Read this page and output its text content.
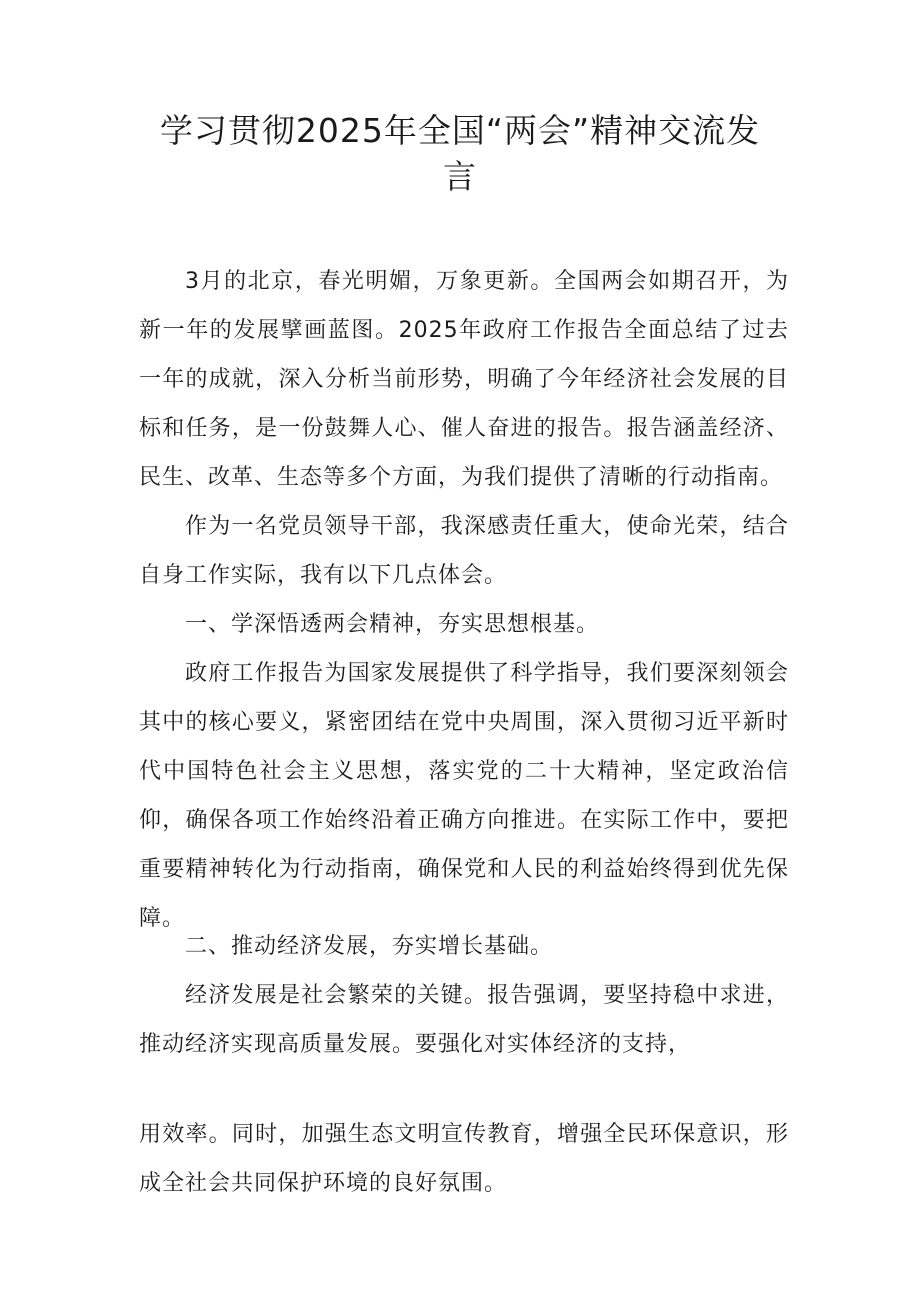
学习贯彻2025年全国“两会”精神交流发言

3月的北京，春光明媚，万象更新。全国两会如期召开，为新一年的发展擘画蓝图。2025年政府工作报告全面总结了过去一年的成就，深入分析当前形势，明确了今年经济社会发展的目标和任务，是一份鼓舞人心、催人奋进的报告。报告涵盖经济、民生、改革、生态等多个方面，为我们提供了清晰的行动指南。

作为一名党员领导干部，我深感责任重大，使命光荣，结合自身工作实际，我有以下几点体会。

一、学深悟透两会精神，夯实思想根基。

政府工作报告为国家发展提供了科学指导，我们要深刻领会其中的核心要义，紧密团结在党中央周围，深入贯彻习近平新时代中国特色社会主义思想，落实党的二十大精神，坚定政治信仰，确保各项工作始终沿着正确方向推进。在实际工作中，要把重要精神转化为行动指南，确保党和人民的利益始终得到优先保障。

二、推动经济发展，夯实增长基础。

经济发展是社会繁荣的关键。报告强调，要坚持稳中求进，推动经济实现高质量发展。要强化对实体经济的支持，

用效率。同时，加强生态文明宣传教育，增强全民环保意识，形成全社会共同保护环境的良好氛围。
